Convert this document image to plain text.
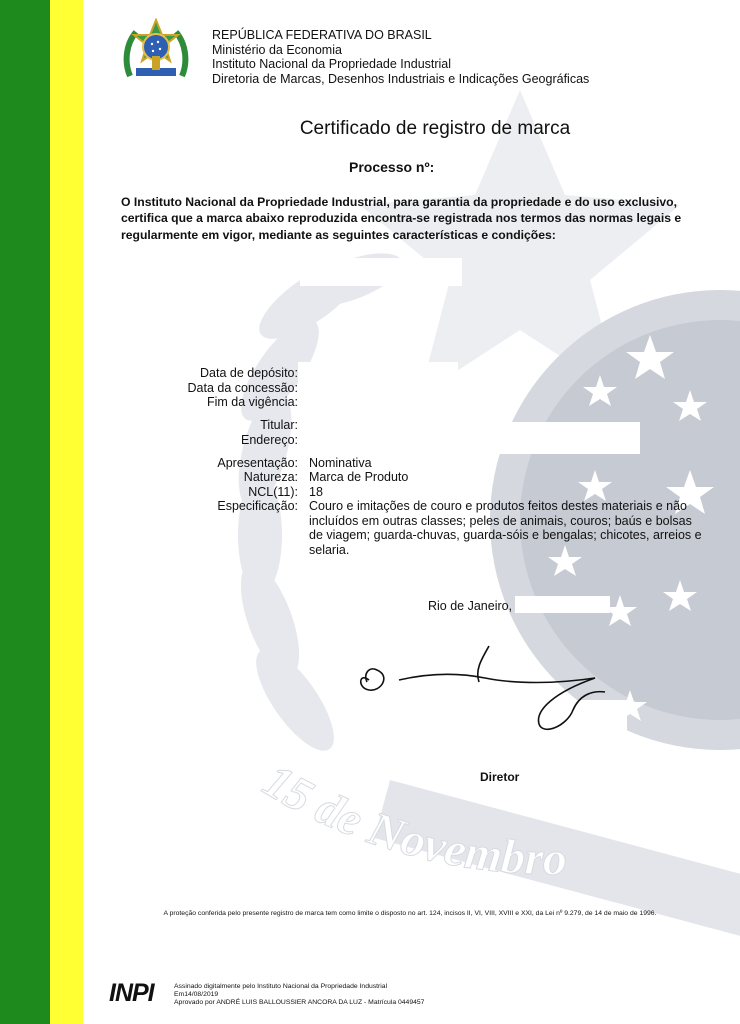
15 de Novembro
REPÚBLICA FEDERATIVA DO BRASIL
Ministério da Economia
Instituto Nacional da Propriedade Industrial
Diretoria de Marcas, Desenhos Industriais e Indicações Geográficas
Certificado de registro de marca
Processo nº:
O Instituto Nacional da Propriedade Industrial, para garantia da propriedade e do uso exclusivo, certifica que a marca abaixo reproduzida encontra-se registrada nos termos das normas legais e regularmente em vigor, mediante as seguintes características e condições:
Data de depósito:
Data da concessão:
Fim da vigência:
Titular:
Endereço:
Apresentação:
Natureza:
NCL(11):
Especificação:
Nominativa
Marca de Produto
18
Couro e imitações de couro e produtos feitos destes materiais e não incluídos em outras classes; peles de animais, couros; baús e bolsas de viagem; guarda-chuvas, guarda-sóis e bengalas; chicotes, arreios e selaria.
Rio de Janeiro,
Diretor
A proteção conferida pelo presente registro de marca tem como limite o disposto no art. 124, incisos II, VI, VIII, XVIII e XXI, da Lei nº 9.279, de 14 de maio de 1996.
INPI	Assinado digitalmente pelo Instituto Nacional da Propriedade Industrial
Em14/08/2019
Aprovado por ANDRÉ LUIS BALLOUSSIER ANCORA DA LUZ - Matrícula 0449457
